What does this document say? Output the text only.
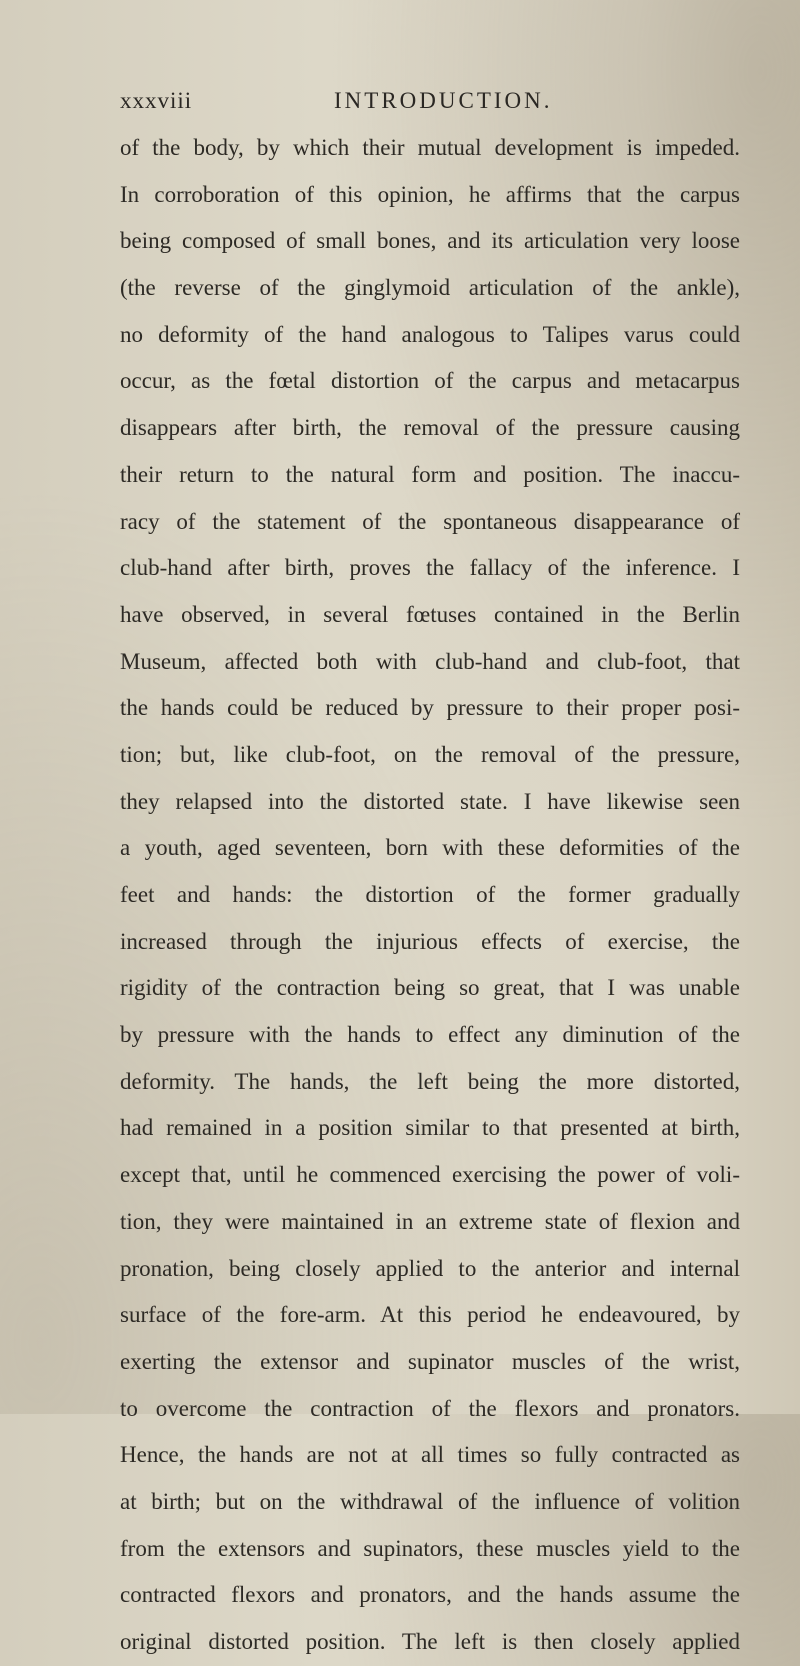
xxxviii	INTRODUCTION.
of the body, by which their mutual development is impeded.
In corroboration of this opinion, he affirms that the carpus
being composed of small bones, and its articulation very loose
(the reverse of the ginglymoid articulation of the ankle),
no deformity of the hand analogous to Talipes varus could
occur, as the fœtal distortion of the carpus and metacarpus
disappears after birth, the removal of the pressure causing
their return to the natural form and position. The inaccu-
racy of the statement of the spontaneous disappearance of
club-hand after birth, proves the fallacy of the inference. I
have observed, in several fœtuses contained in the Berlin
Museum, affected both with club-hand and club-foot, that
the hands could be reduced by pressure to their proper posi-
tion; but, like club-foot, on the removal of the pressure,
they relapsed into the distorted state. I have likewise seen
a youth, aged seventeen, born with these deformities of the
feet and hands: the distortion of the former gradually
increased through the injurious effects of exercise, the
rigidity of the contraction being so great, that I was unable
by pressure with the hands to effect any diminution of the
deformity. The hands, the left being the more distorted,
had remained in a position similar to that presented at birth,
except that, until he commenced exercising the power of voli-
tion, they were maintained in an extreme state of flexion and
pronation, being closely applied to the anterior and internal
surface of the fore-arm. At this period he endeavoured, by
exerting the extensor and supinator muscles of the wrist,
to overcome the contraction of the flexors and pronators.
Hence, the hands are not at all times so fully contracted as
at birth; but on the withdrawal of the influence of volition
from the extensors and supinators, these muscles yield to the
contracted flexors and pronators, and the hands assume the
original distorted position. The left is then closely applied
